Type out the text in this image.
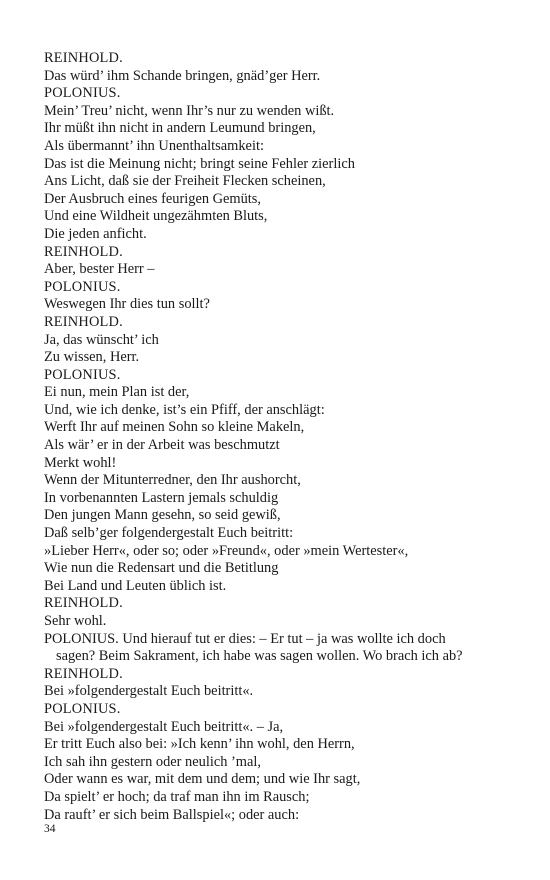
REINHOLD.
Das würd’ ihm Schande bringen, gnäd’ger Herr.
POLONIUS.
Mein’ Treu’ nicht, wenn Ihr’s nur zu wenden wißt.
Ihr müßt ihn nicht in andern Leumund bringen,
Als übermannt’ ihn Unenthaltsamkeit:
Das ist die Meinung nicht; bringt seine Fehler zierlich
Ans Licht, daß sie der Freiheit Flecken scheinen,
Der Ausbruch eines feurigen Gemüts,
Und eine Wildheit ungezähmten Bluts,
Die jeden anficht.
REINHOLD.
Aber, bester Herr –
POLONIUS.
Weswegen Ihr dies tun sollt?
REINHOLD.
Ja, das wünscht’ ich
Zu wissen, Herr.
POLONIUS.
Ei nun, mein Plan ist der,
Und, wie ich denke, ist’s ein Pfiff, der anschlägt:
Werft Ihr auf meinen Sohn so kleine Makeln,
Als wär’ er in der Arbeit was beschmutzt
Merkt wohl!
Wenn der Mitunterredner, den Ihr aushorcht,
In vorbenannten Lastern jemals schuldig
Den jungen Mann gesehn, so seid gewiß,
Daß selb’ger folgendergestalt Euch beitritt:
»Lieber Herr«, oder so; oder »Freund«, oder »mein Wertester«,
Wie nun die Redensart und die Betitlung
Bei Land und Leuten üblich ist.
REINHOLD.
Sehr wohl.
POLONIUS. Und hierauf tut er dies: – Er tut – ja was wollte ich doch sagen? Beim Sakrament, ich habe was sagen wollen. Wo brach ich ab?
REINHOLD.
Bei »folgendergestalt Euch beitritt«.
POLONIUS.
Bei »folgendergestalt Euch beitritt«. – Ja,
Er tritt Euch also bei: »Ich kenn’ ihn wohl, den Herrn,
Ich sah ihn gestern oder neulich ’mal,
Oder wann es war, mit dem und dem; und wie Ihr sagt,
Da spielt’ er hoch; da traf man ihn im Rausch;
Da rauft’ er sich beim Ballspiel«; oder auch:
34
